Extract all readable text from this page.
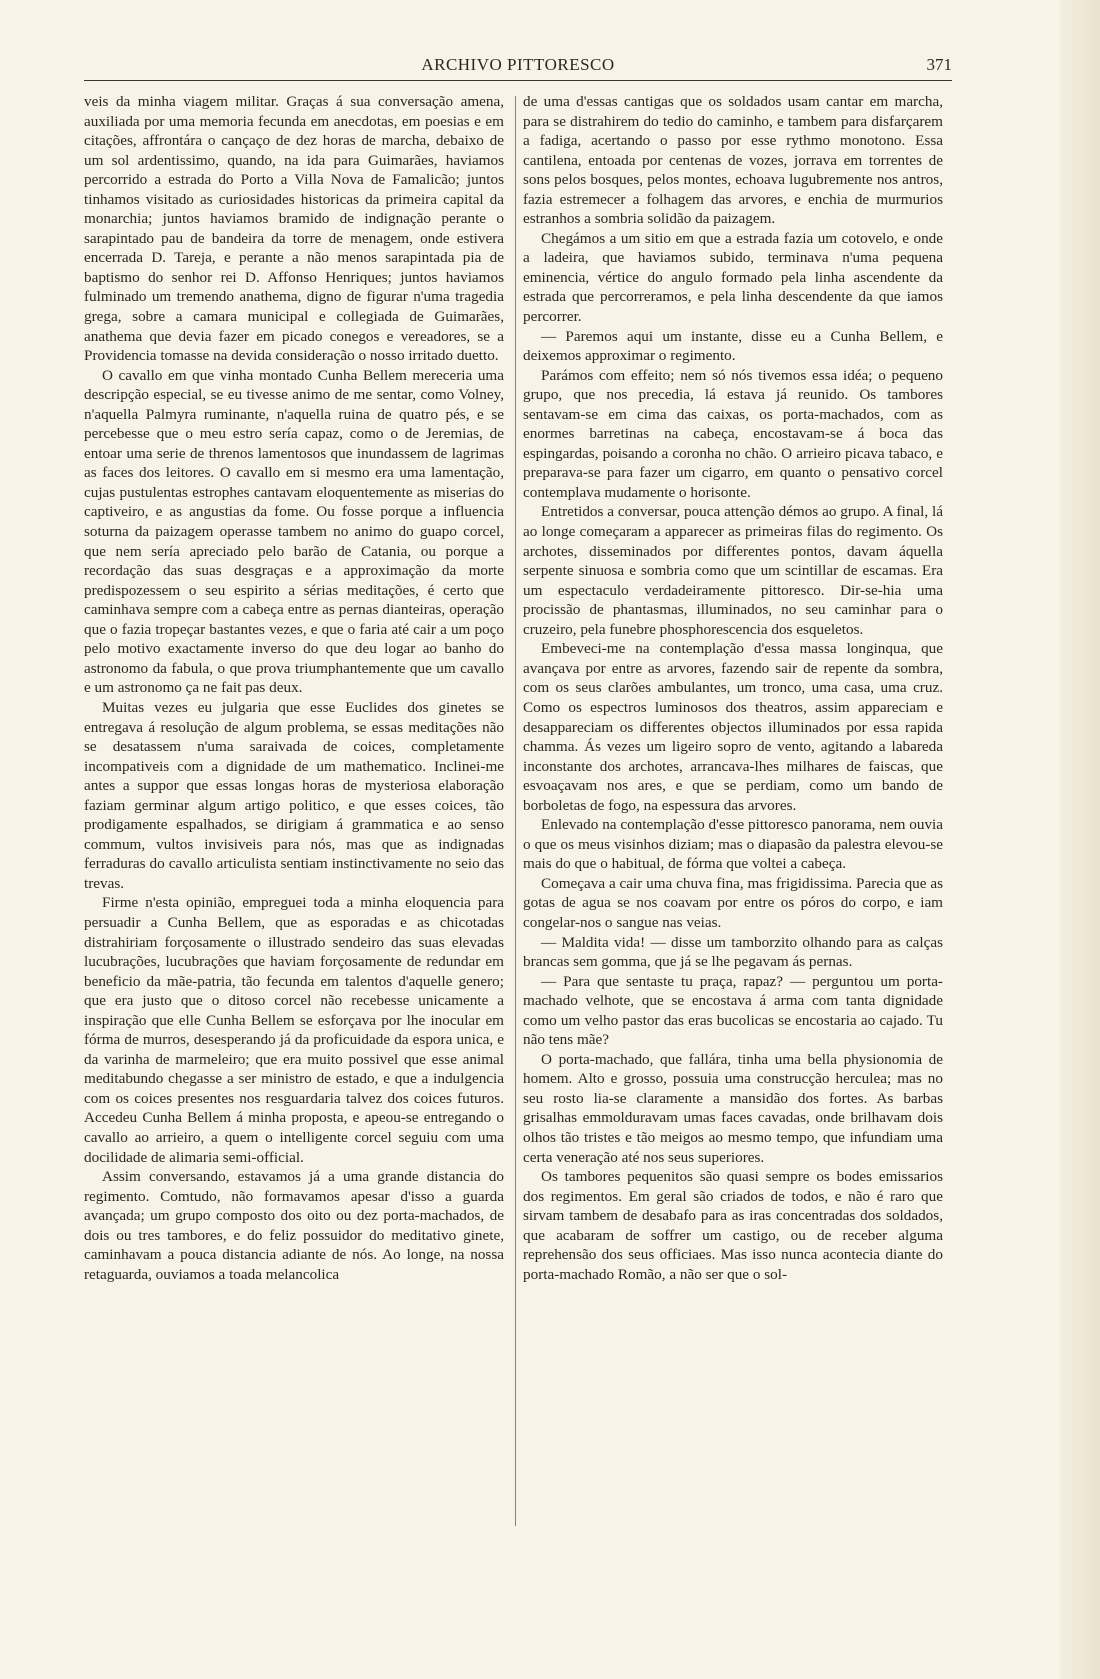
ARCHIVO PITTORESCO	371

veis da minha viagem militar. Graças á sua conversação amena, auxiliada por uma memoria fecunda em anecdotas, em poesias e em citações, affrontára o cançaço de dez horas de marcha, debaixo de um sol ardentissimo, quando, na ida para Guimarães, haviamos percorrido a estrada do Porto a Villa Nova de Famalicão; juntos tinhamos visitado as curiosidades historicas da primeira capital da monarchia; juntos haviamos bramido de indignação perante o sarapintado pau de bandeira da torre de menagem, onde estivera encerrada D. Tareja, e perante a não menos sarapintada pia de baptismo do senhor rei D. Affonso Henriques; juntos haviamos fulminado um tremendo anathema, digno de figurar n'uma tragedia grega, sobre a camara municipal e collegiada de Guimarães, anathema que devia fazer em picado conegos e vereadores, se a Providencia tomasse na devida consideração o nosso irritado duetto.

O cavallo em que vinha montado Cunha Bellem mereceria uma descripção especial, se eu tivesse animo de me sentar, como Volney, n'aquella Palmyra ruminante, n'aquella ruina de quatro pés, e se percebesse que o meu estro sería capaz, como o de Jeremias, de entoar uma serie de threnos lamentosos que inundassem de lagrimas as faces dos leitores. O cavallo em si mesmo era uma lamentação, cujas pustulentas estrophes cantavam eloquentemente as miserias do captiveiro, e as angustias da fome. Ou fosse porque a influencia soturna da paizagem operasse tambem no animo do guapo corcel, que nem sería apreciado pelo barão de Catania, ou porque a recordação das suas desgraças e a approximação da morte predispozessem o seu espirito a sérias meditações, é certo que caminhava sempre com a cabeça entre as pernas dianteiras, operação que o fazia tropeçar bastantes vezes, e que o faria até cair a um poço pelo motivo exactamente inverso do que deu logar ao banho do astronomo da fabula, o que prova triumphantemente que um cavallo e um astronomo ça ne fait pas deux.

Muitas vezes eu julgaria que esse Euclides dos ginetes se entregava á resolução de algum problema, se essas meditações não se desatassem n'uma saraivada de coices, completamente incompativeis com a dignidade de um mathematico. Inclinei-me antes a suppor que essas longas horas de mysteriosa elaboração faziam germinar algum artigo politico, e que esses coices, tão prodigamente espalhados, se dirigiam á grammatica e ao senso commum, vultos invisiveis para nós, mas que as indignadas ferraduras do cavallo articulista sentiam instinctivamente no seio das trevas.

Firme n'esta opinião, empreguei toda a minha eloquencia para persuadir a Cunha Bellem, que as esporadas e as chicotadas distrahiriam forçosamente o illustrado sendeiro das suas elevadas lucubrações, lucubrações que haviam forçosamente de redundar em beneficio da mãe-patria, tão fecunda em talentos d'aquelle genero; que era justo que o ditoso corcel não recebesse unicamente a inspiração que elle Cunha Bellem se esforçava por lhe inocular em fórma de murros, desesperando já da proficuidade da espora unica, e da varinha de marmeleiro; que era muito possivel que esse animal meditabundo chegasse a ser ministro de estado, e que a indulgencia com os coices presentes nos resguardaria talvez dos coices futuros. Accedeu Cunha Bellem á minha proposta, e apeou-se entregando o cavallo ao arrieiro, a quem o intelligente corcel seguiu com uma docilidade de alimaria semi-official.

Assim conversando, estavamos já a uma grande distancia do regimento. Comtudo, não formavamos apesar d'isso a guarda avançada; um grupo composto dos oito ou dez porta-machados, de dois ou tres tambores, e do feliz possuidor do meditativo ginete, caminhavam a pouca distancia adiante de nós. Ao longe, na nossa retaguarda, ouviamos a toada melancolica

de uma d'essas cantigas que os soldados usam cantar em marcha, para se distrahirem do tedio do caminho, e tambem para disfarçarem a fadiga, acertando o passo por esse rythmo monotono. Essa cantilena, entoada por centenas de vozes, jorrava em torrentes de sons pelos bosques, pelos montes, echoava lugubremente nos antros, fazia estremecer a folhagem das arvores, e enchia de murmurios estranhos a sombria solidão da paizagem.

Chegámos a um sitio em que a estrada fazia um cotovelo, e onde a ladeira, que haviamos subido, terminava n'uma pequena eminencia, vértice do angulo formado pela linha ascendente da estrada que percorreramos, e pela linha descendente da que iamos percorrer.

— Paremos aqui um instante, disse eu a Cunha Bellem, e deixemos approximar o regimento.

Parámos com effeito; nem só nós tivemos essa idéa; o pequeno grupo, que nos precedia, lá estava já reunido. Os tambores sentavam-se em cima das caixas, os porta-machados, com as enormes barretinas na cabeça, encostavam-se á boca das espingardas, poisando a coronha no chão. O arrieiro picava tabaco, e preparava-se para fazer um cigarro, em quanto o pensativo corcel contemplava mudamente o horisonte.

Entretidos a conversar, pouca attenção démos ao grupo. A final, lá ao longe começaram a apparecer as primeiras filas do regimento. Os archotes, disseminados por differentes pontos, davam áquella serpente sinuosa e sombria como que um scintillar de escamas. Era um espectaculo verdadeiramente pittoresco. Dir-se-hia uma procissão de phantasmas, illuminados, no seu caminhar para o cruzeiro, pela funebre phosphorescencia dos esqueletos.

Embeveci-me na contemplação d'essa massa longinqua, que avançava por entre as arvores, fazendo sair de repente da sombra, com os seus clarões ambulantes, um tronco, uma casa, uma cruz. Como os espectros luminosos dos theatros, assim appareciam e desappareciam os differentes objectos illuminados por essa rapida chamma. Ás vezes um ligeiro sopro de vento, agitando a labareda inconstante dos archotes, arrancava-lhes milhares de faiscas, que esvoaçavam nos ares, e que se perdiam, como um bando de borboletas de fogo, na espessura das arvores.

Enlevado na contemplação d'esse pittoresco panorama, nem ouvia o que os meus visinhos diziam; mas o diapasão da palestra elevou-se mais do que o habitual, de fórma que voltei a cabeça.

Começava a cair uma chuva fina, mas frigidissima. Parecia que as gotas de agua se nos coavam por entre os póros do corpo, e iam congelar-nos o sangue nas veias.

— Maldita vida! — disse um tamborzito olhando para as calças brancas sem gomma, que já se lhe pegavam ás pernas.

— Para que sentaste tu praça, rapaz? — perguntou um porta-machado velhote, que se encostava á arma com tanta dignidade como um velho pastor das eras bucolicas se encostaria ao cajado. Tu não tens mãe?

O porta-machado, que fallára, tinha uma bella physionomia de homem. Alto e grosso, possuia uma construcção herculea; mas no seu rosto lia-se claramente a mansidão dos fortes. As barbas grisalhas emmolduravam umas faces cavadas, onde brilhavam dois olhos tão tristes e tão meigos ao mesmo tempo, que infundiam uma certa veneração até nos seus superiores.

Os tambores pequenitos são quasi sempre os bodes emissarios dos regimentos. Em geral são criados de todos, e não é raro que sirvam tambem de desabafo para as iras concentradas dos soldados, que acabaram de soffrer um castigo, ou de receber alguma reprehensão dos seus officiaes. Mas isso nunca acontecia diante do porta-machado Romão, a não ser que o sol-
